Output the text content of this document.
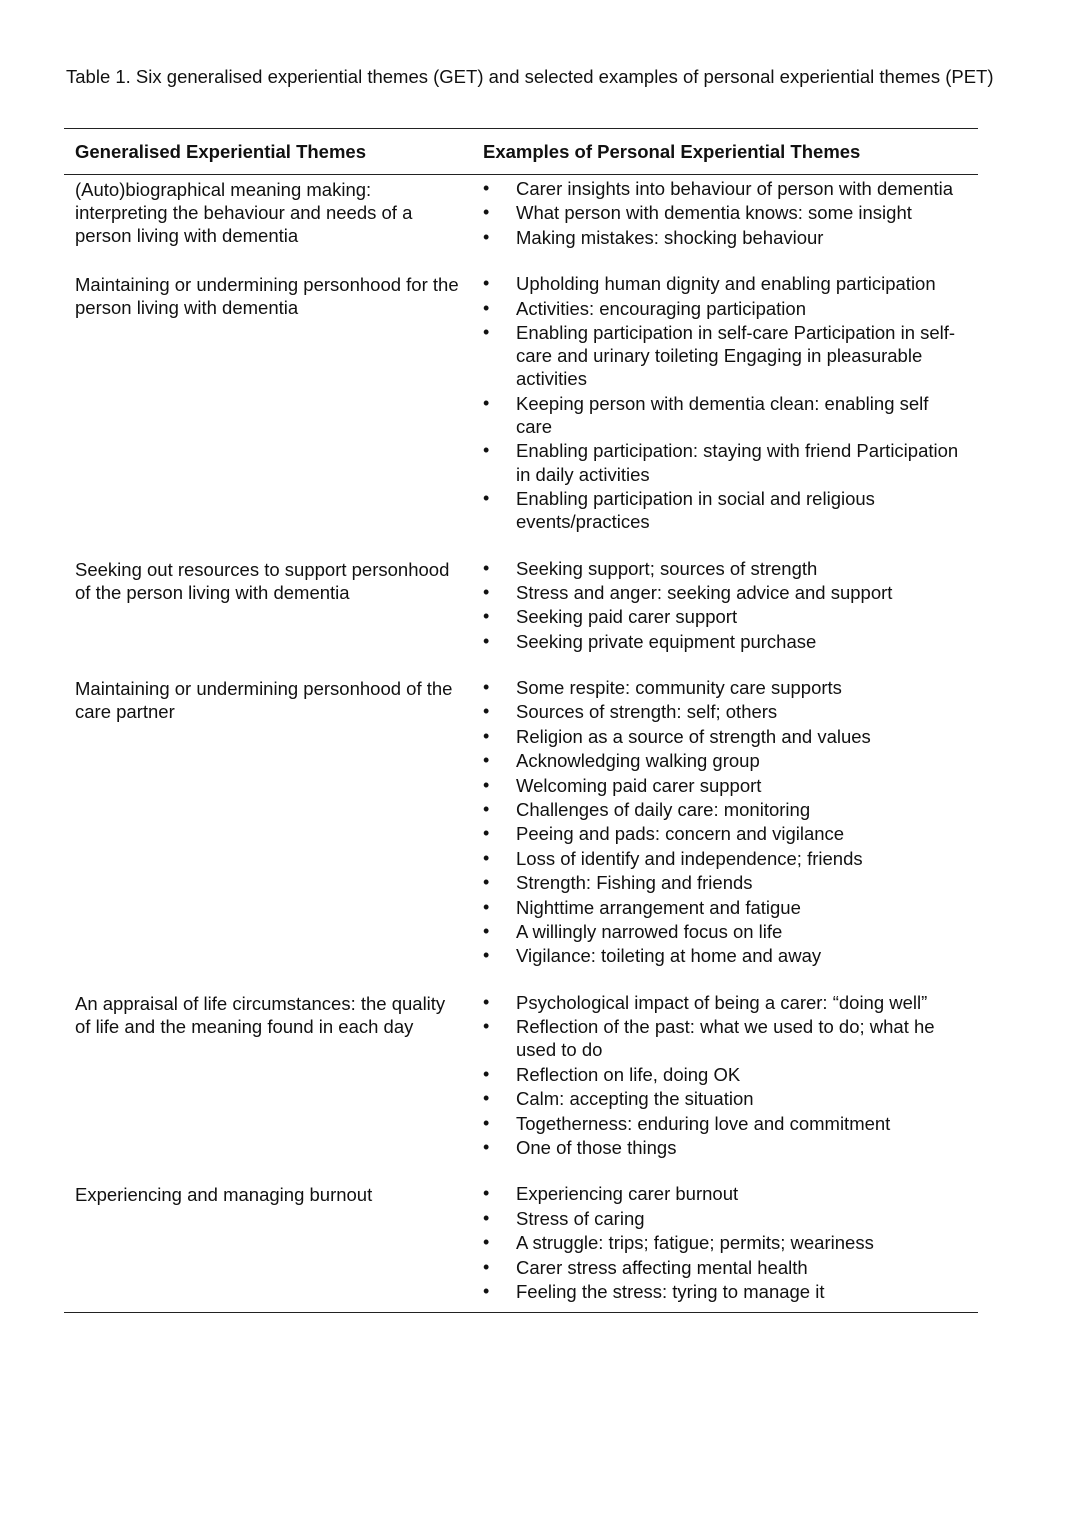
Table 1. Six generalised experiential themes (GET) and selected examples of personal experiential themes (PET)
Generalised Experiential Themes	Examples of Personal Experiential Themes
(Auto)biographical meaning making: interpreting the behaviour and needs of a person living with dementia
•	Carer insights into behaviour of person with dementia
•	What person with dementia knows: some insight
•	Making mistakes: shocking behaviour
Maintaining or undermining personhood for the person living with dementia
•	Upholding human dignity and enabling participation
•	Activities: encouraging participation
•	Enabling participation in self-care Participation in self-care and urinary toileting Engaging in pleasurable activities
•	Keeping person with dementia clean: enabling self care
•	Enabling participation: staying with friend Participation in daily activities
•	Enabling participation in social and religious events/practices
Seeking out resources to support personhood of the person living with dementia
•	Seeking support; sources of strength
•	Stress and anger: seeking advice and support
•	Seeking paid carer support
•	Seeking private equipment purchase
Maintaining or undermining personhood of the care partner
•	Some respite: community care supports
•	Sources of strength: self; others
•	Religion as a source of strength and values
•	Acknowledging walking group
•	Welcoming paid carer support
•	Challenges of daily care: monitoring
•	Peeing and pads: concern and vigilance
•	Loss of identify and independence; friends
•	Strength: Fishing and friends
•	Nighttime arrangement and fatigue
•	A willingly narrowed focus on life
•	Vigilance: toileting at home and away
An appraisal of life circumstances: the quality of life and the meaning found in each day
•	Psychological impact of being a carer: “doing well”
•	Reflection of the past: what we used to do; what he used to do
•	Reflection on life, doing OK
•	Calm: accepting the situation
•	Togetherness: enduring love and commitment
•	One of those things
Experiencing and managing burnout	•	Experiencing carer burnout
•	Stress of caring
•	A struggle: trips; fatigue; permits; weariness
•	Carer stress affecting mental health
•	Feeling the stress: tyring to manage it
